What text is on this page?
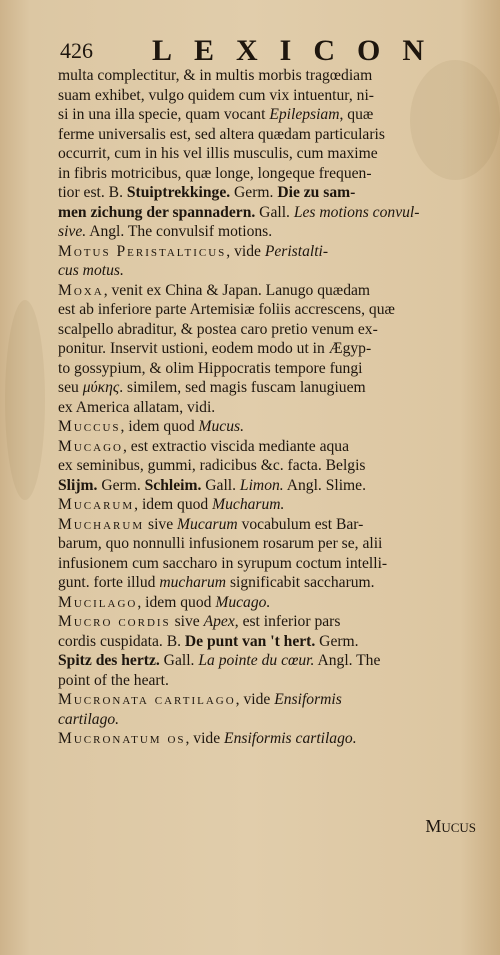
426 LEXICON
multa complectitur, & in multis morbis tragœdiam
suam exhibet, vulgo quidem cum vix intuentur, ni-
si in una illa specie, quam vocant Epilepsiam, quæ
ferme universalis est, sed altera quædam particularis
occurrit, cum in his vel illis musculis, cum maxime
in fibris motricibus, quæ longe, longeque frequen-
tior est. B. Stuiptrekkinge. Germ. Die zu sam-
men zichung der spannadern. Gall. Les motions convul-
sive. Angl. The convulsif motions.
Motus Peristalticus, vide Peristalti-
cus motus.
Moxa, venit ex China & Japan. Lanugo quædam
est ab inferiore parte Artemisiæ foliis accrescens, quæ
scalpello abraditur, & postea caro pretio venum ex-
ponitur. Inservit ustioni, eodem modo ut in Ægyp-
to gossypium, & olim Hippocratis tempore fungi
seu μύκης. similem, sed magis fuscam lanugiuem
ex America allatam, vidi.
Muccus, idem quod Mucus.
Mucago, est extractio viscida mediante aqua
ex seminibus, gummi, radicibus &c. facta. Belgis
Slijm. Germ. Schleim. Gall. Limon. Angl. Slime.
Mucarum, idem quod Mucharum.
Mucharum sive Mucarum vocabulum est Bar-
barum, quo nonnulli infusionem rosarum per se, alii
infusionem cum sacchаro in syrupum coctum intelli-
gunt. forte illud mucharum significabit saccharum.
Mucilago, idem quod Mucago.
Mucro cordis sive Apex, est inferior pars
cordis cuspidata. B. De punt van 't hert. Germ.
Spitz des hertz. Gall. La pointe du cœur. Angl. The
point of the heart.
Mucronata cartilago, vide Ensiformis
cartilago.
Mucronatum os, vide Ensiformis cartilago.
Mucus
